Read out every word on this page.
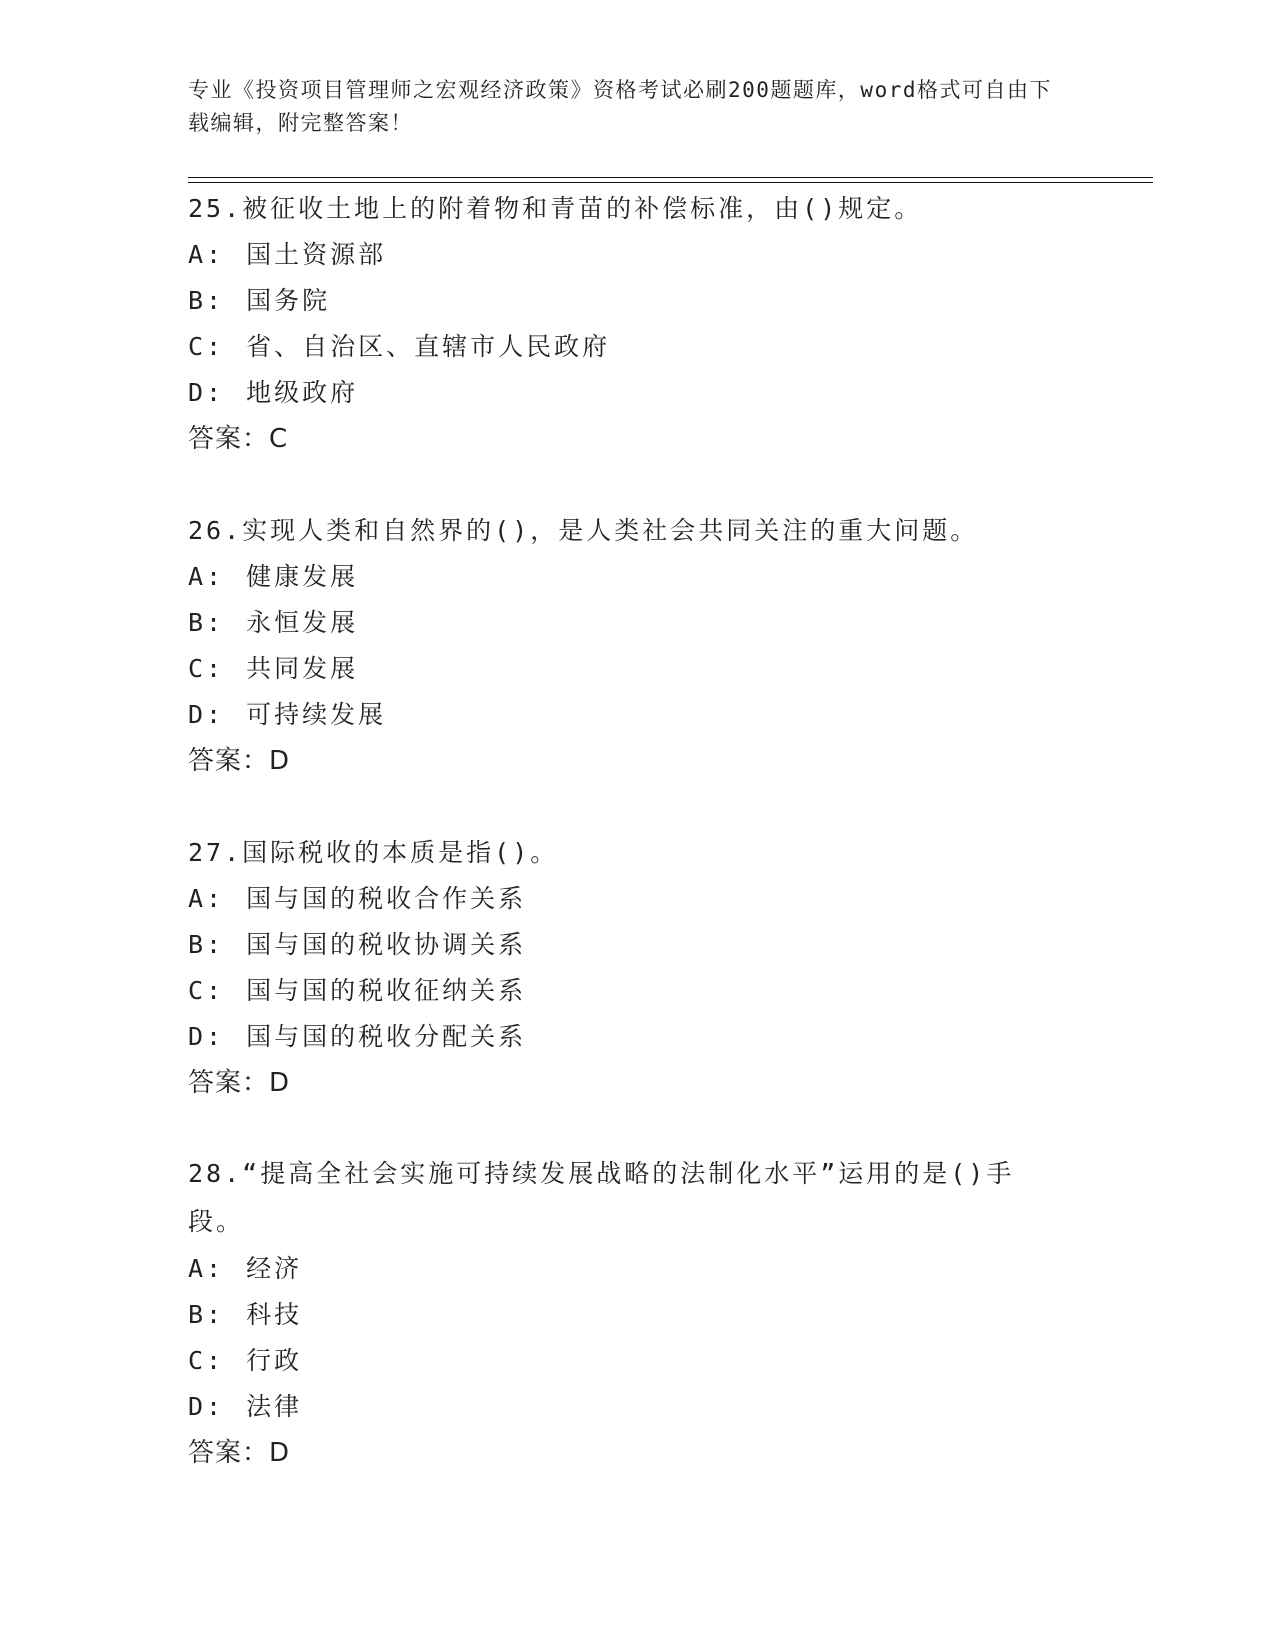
专业《投资项目管理师之宏观经济政策》资格考试必刷200题题库，word格式可自由下载编辑，附完整答案！
25.被征收土地上的附着物和青苗的补偿标准，由()规定。
A: 国土资源部
B: 国务院
C: 省、自治区、直辖市人民政府
D: 地级政府
答案：C
26.实现人类和自然界的()，是人类社会共同关注的重大问题。
A: 健康发展
B: 永恒发展
C: 共同发展
D: 可持续发展
答案：D
27.国际税收的本质是指()。
A: 国与国的税收合作关系
B: 国与国的税收协调关系
C: 国与国的税收征纳关系
D: 国与国的税收分配关系
答案：D
28.“提高全社会实施可持续发展战略的法制化水平”运用的是()手段。
A: 经济
B: 科技
C: 行政
D: 法律
答案：D
